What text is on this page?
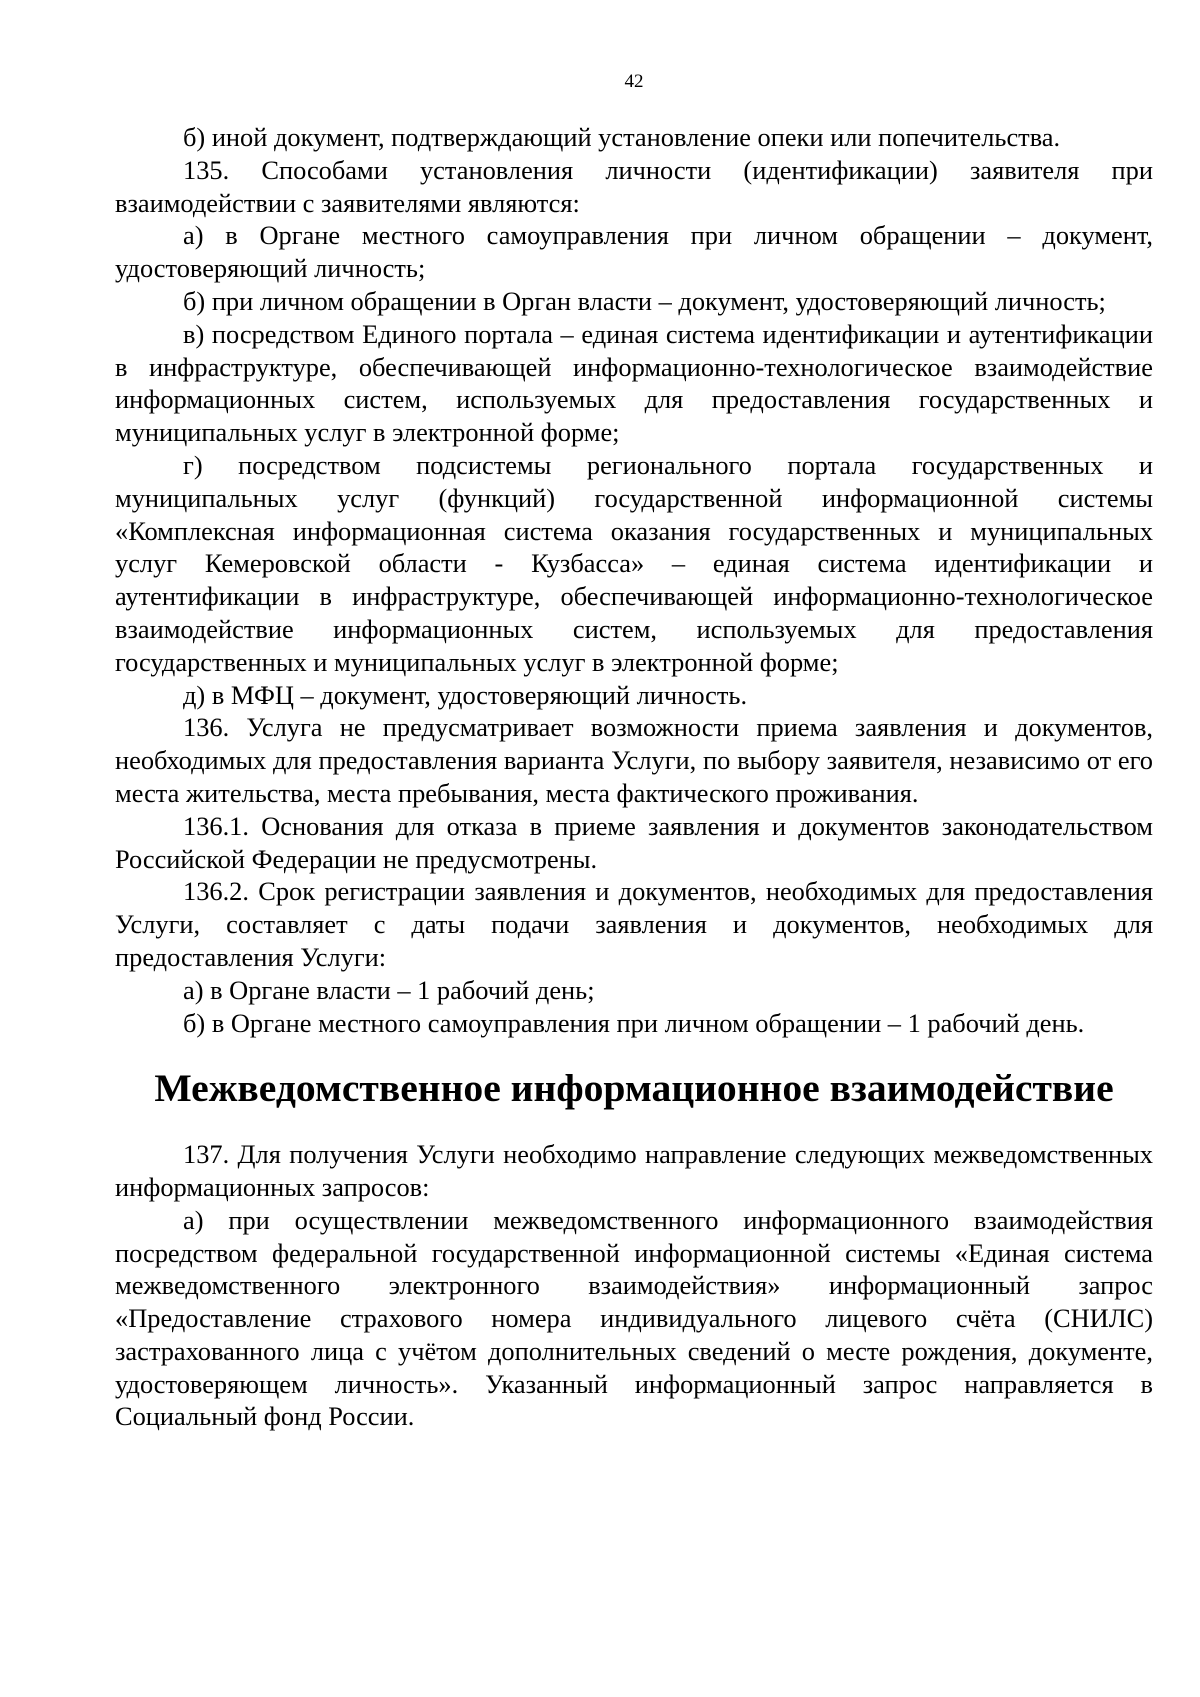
42

б) иной документ, подтверждающий установление опеки или попечительства.

135. Способами установления личности (идентификации) заявителя при взаимодействии с заявителями являются:

а) в Органе местного самоуправления при личном обращении – документ, удостоверяющий личность;

б) при личном обращении в Орган власти – документ, удостоверяющий личность;

в) посредством Единого портала – единая система идентификации и аутентификации в инфраструктуре, обеспечивающей информационно-технологическое взаимодействие информационных систем, используемых для предоставления государственных и муниципальных услуг в электронной форме;

г) посредством подсистемы регионального портала государственных и муниципальных услуг (функций) государственной информационной системы «Комплексная информационная система оказания государственных и муниципальных услуг Кемеровской области - Кузбасса» – единая система идентификации и аутентификации в инфраструктуре, обеспечивающей информационно-технологическое взаимодействие информационных систем, используемых для предоставления государственных и муниципальных услуг в электронной форме;

д) в МФЦ – документ, удостоверяющий личность.

136. Услуга не предусматривает возможности приема заявления и документов, необходимых для предоставления варианта Услуги, по выбору заявителя, независимо от его места жительства, места пребывания, места фактического проживания.

136.1. Основания для отказа в приеме заявления и документов законодательством Российской Федерации не предусмотрены.

136.2. Срок регистрации заявления и документов, необходимых для предоставления Услуги, составляет с даты подачи заявления и документов, необходимых для предоставления Услуги:

а) в Органе власти – 1 рабочий день;

б) в Органе местного самоуправления при личном обращении – 1 рабочий день.

Межведомственное информационное взаимодействие

137. Для получения Услуги необходимо направление следующих межведомственных информационных запросов:

а) при осуществлении межведомственного информационного взаимодействия посредством федеральной государственной информационной системы «Единая система межведомственного электронного взаимодействия» информационный запрос «Предоставление страхового номера индивидуального лицевого счёта (СНИЛС) застрахованного лица с учётом дополнительных сведений о месте рождения, документе, удостоверяющем личность». Указанный информационный запрос направляется в Социальный фонд России.
